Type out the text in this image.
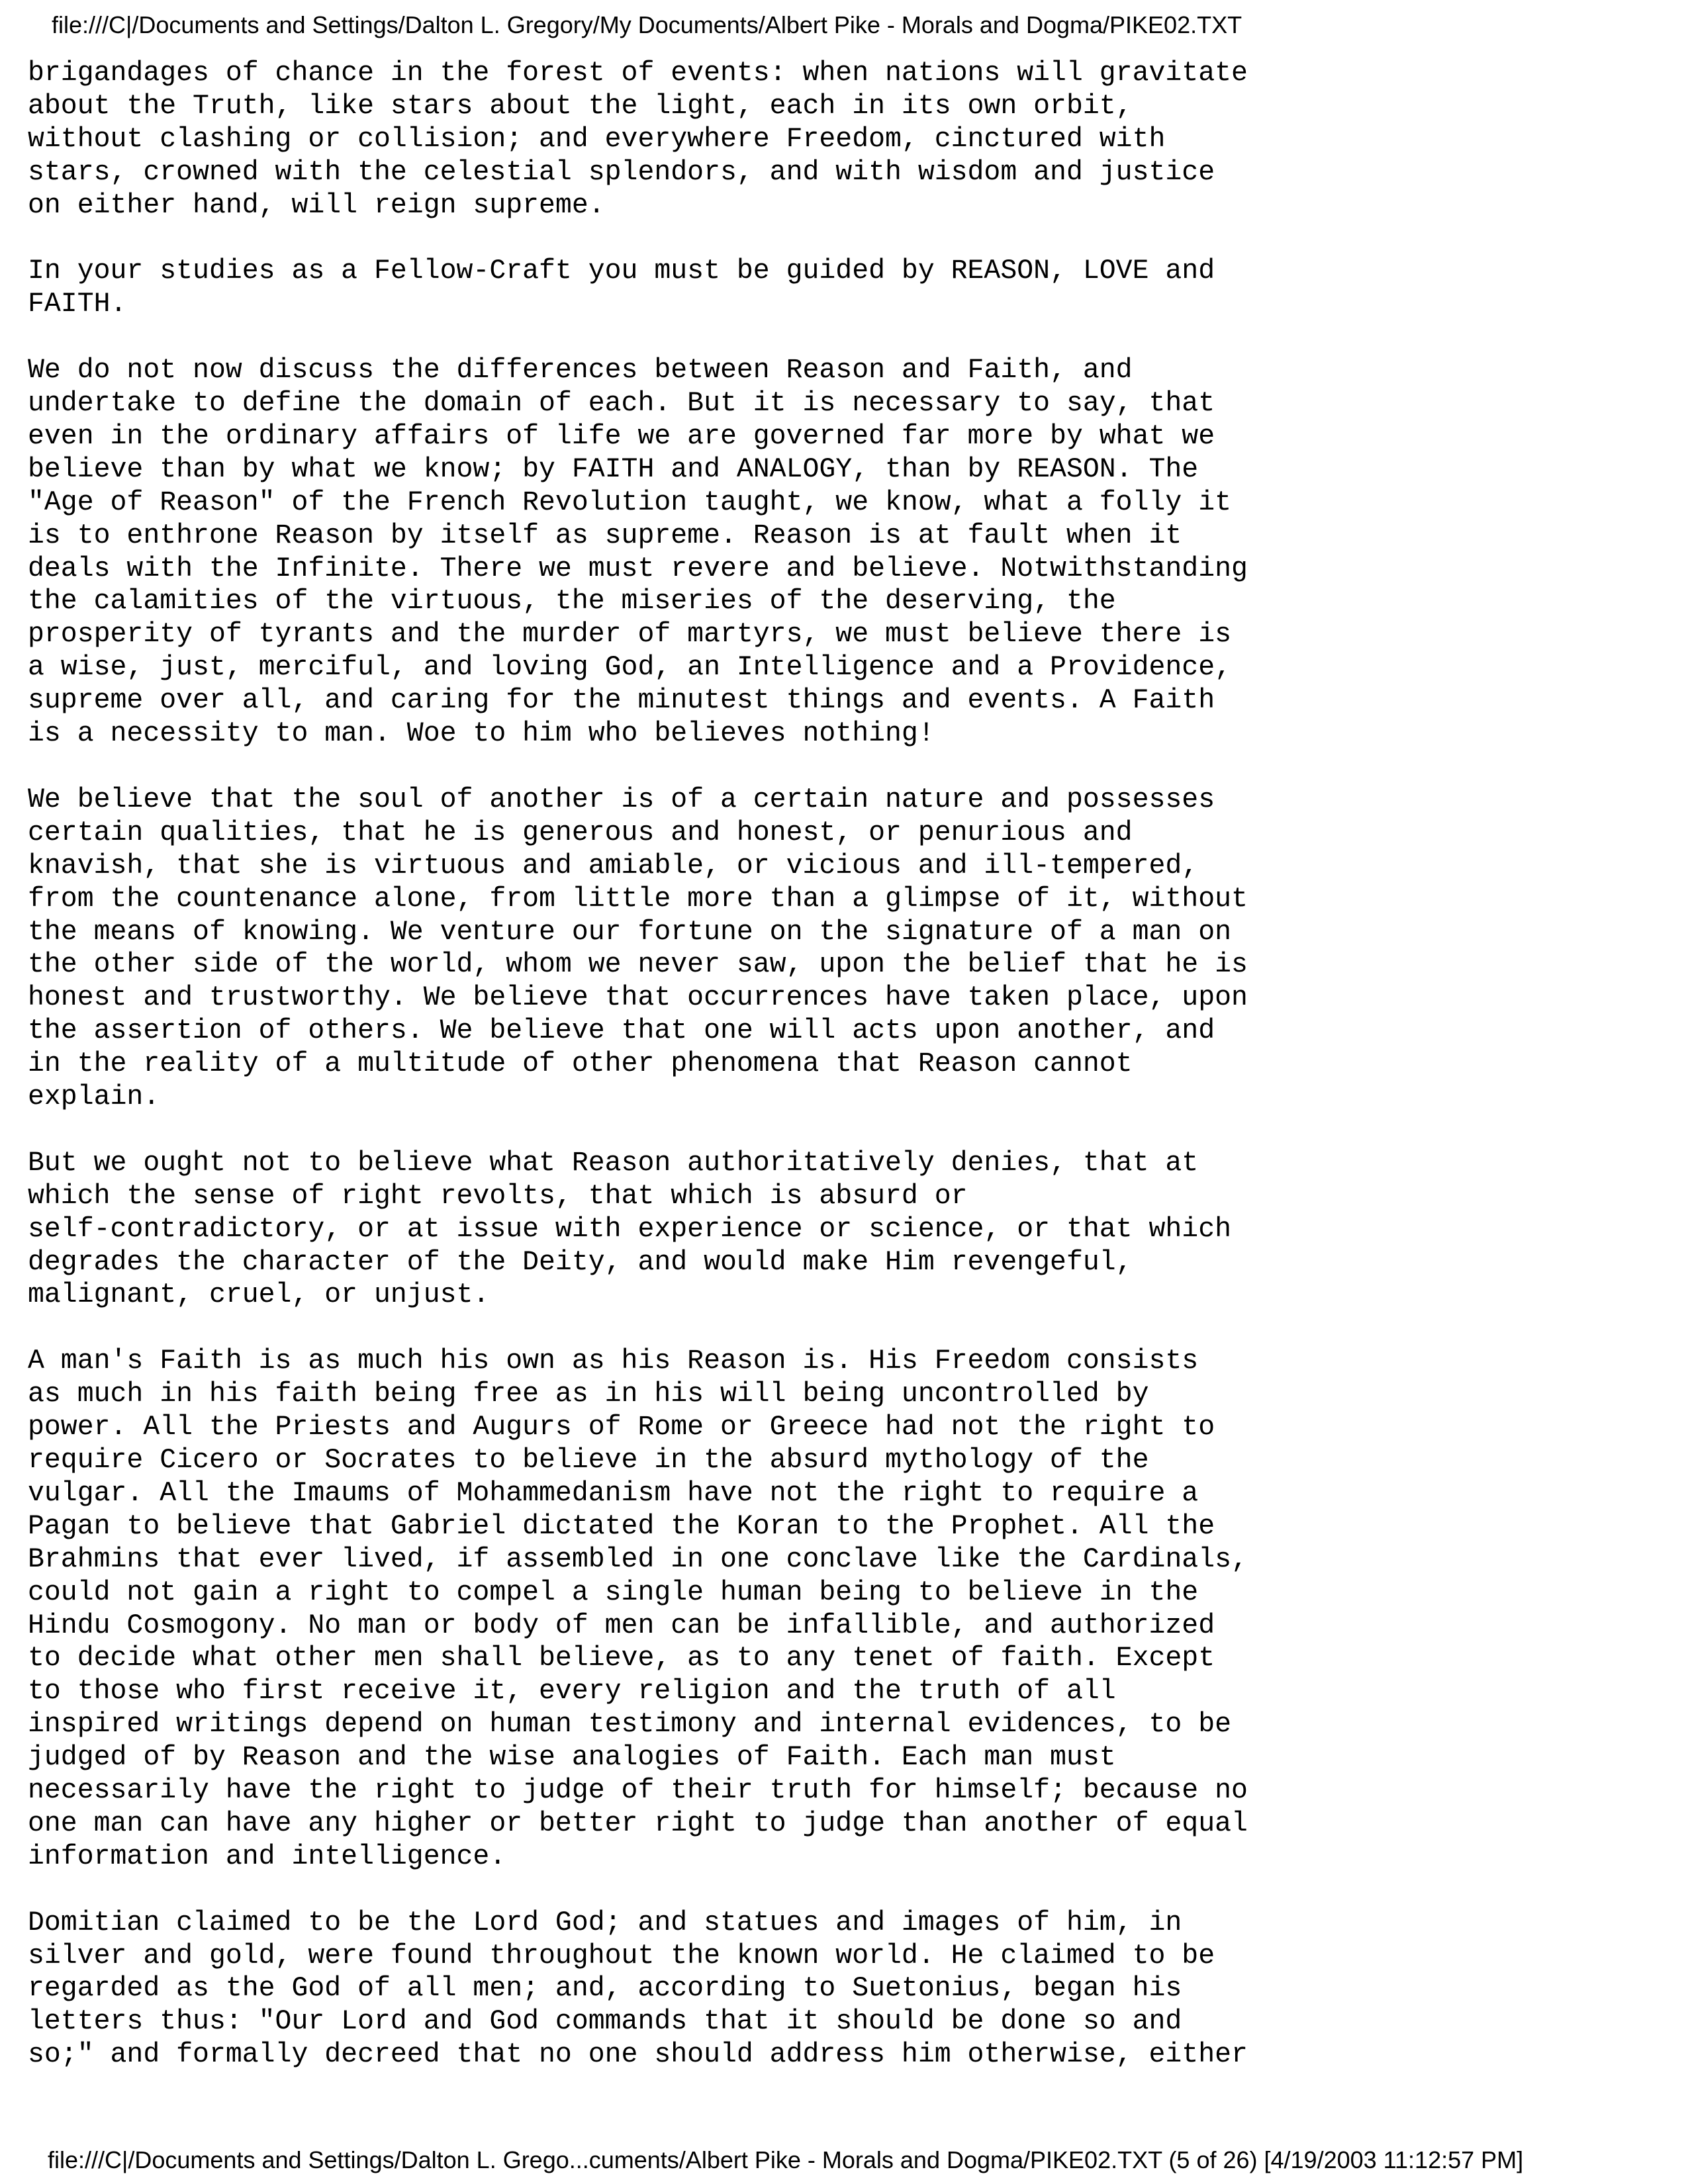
file:///C|/Documents and Settings/Dalton L. Gregory/My Documents/Albert Pike - Morals and Dogma/PIKE02.TXT

brigandages of chance in the forest of events: when nations will gravitate
about the Truth, like stars about the light, each in its own orbit,
without clashing or collision; and everywhere Freedom, cinctured with
stars, crowned with the celestial splendors, and with wisdom and justice
on either hand, will reign supreme.

In your studies as a Fellow-Craft you must be guided by REASON, LOVE and
FAITH.

We do not now discuss the differences between Reason and Faith, and
undertake to define the domain of each. But it is necessary to say, that
even in the ordinary affairs of life we are governed far more by what we
believe than by what we know; by FAITH and ANALOGY, than by REASON. The
"Age of Reason" of the French Revolution taught, we know, what a folly it
is to enthrone Reason by itself as supreme. Reason is at fault when it
deals with the Infinite. There we must revere and believe. Notwithstanding
the calamities of the virtuous, the miseries of the deserving, the
prosperity of tyrants and the murder of martyrs, we must believe there is
a wise, just, merciful, and loving God, an Intelligence and a Providence,
supreme over all, and caring for the minutest things and events. A Faith
is a necessity to man. Woe to him who believes nothing!

We believe that the soul of another is of a certain nature and possesses
certain qualities, that he is generous and honest, or penurious and
knavish, that she is virtuous and amiable, or vicious and ill-tempered,
from the countenance alone, from little more than a glimpse of it, without
the means of knowing. We venture our fortune on the signature of a man on
the other side of the world, whom we never saw, upon the belief that he is
honest and trustworthy. We believe that occurrences have taken place, upon
the assertion of others. We believe that one will acts upon another, and
in the reality of a multitude of other phenomena that Reason cannot
explain.

But we ought not to believe what Reason authoritatively denies, that at
which the sense of right revolts, that which is absurd or
self-contradictory, or at issue with experience or science, or that which
degrades the character of the Deity, and would make Him revengeful,
malignant, cruel, or unjust.

A man's Faith is as much his own as his Reason is. His Freedom consists
as much in his faith being free as in his will being uncontrolled by
power. All the Priests and Augurs of Rome or Greece had not the right to
require Cicero or Socrates to believe in the absurd mythology of the
vulgar. All the Imaums of Mohammedanism have not the right to require a
Pagan to believe that Gabriel dictated the Koran to the Prophet. All the
Brahmins that ever lived, if assembled in one conclave like the Cardinals,
could not gain a right to compel a single human being to believe in the
Hindu Cosmogony. No man or body of men can be infallible, and authorized
to decide what other men shall believe, as to any tenet of faith. Except
to those who first receive it, every religion and the truth of all
inspired writings depend on human testimony and internal evidences, to be
judged of by Reason and the wise analogies of Faith. Each man must
necessarily have the right to judge of their truth for himself; because no
one man can have any higher or better right to judge than another of equal
information and intelligence.

Domitian claimed to be the Lord God; and statues and images of him, in
silver and gold, were found throughout the known world. He claimed to be
regarded as the God of all men; and, according to Suetonius, began his
letters thus: "Our Lord and God commands that it should be done so and
so;" and formally decreed that no one should address him otherwise, either

file:///C|/Documents and Settings/Dalton L. Grego...cuments/Albert Pike - Morals and Dogma/PIKE02.TXT (5 of 26) [4/19/2003 11:12:57 PM]
